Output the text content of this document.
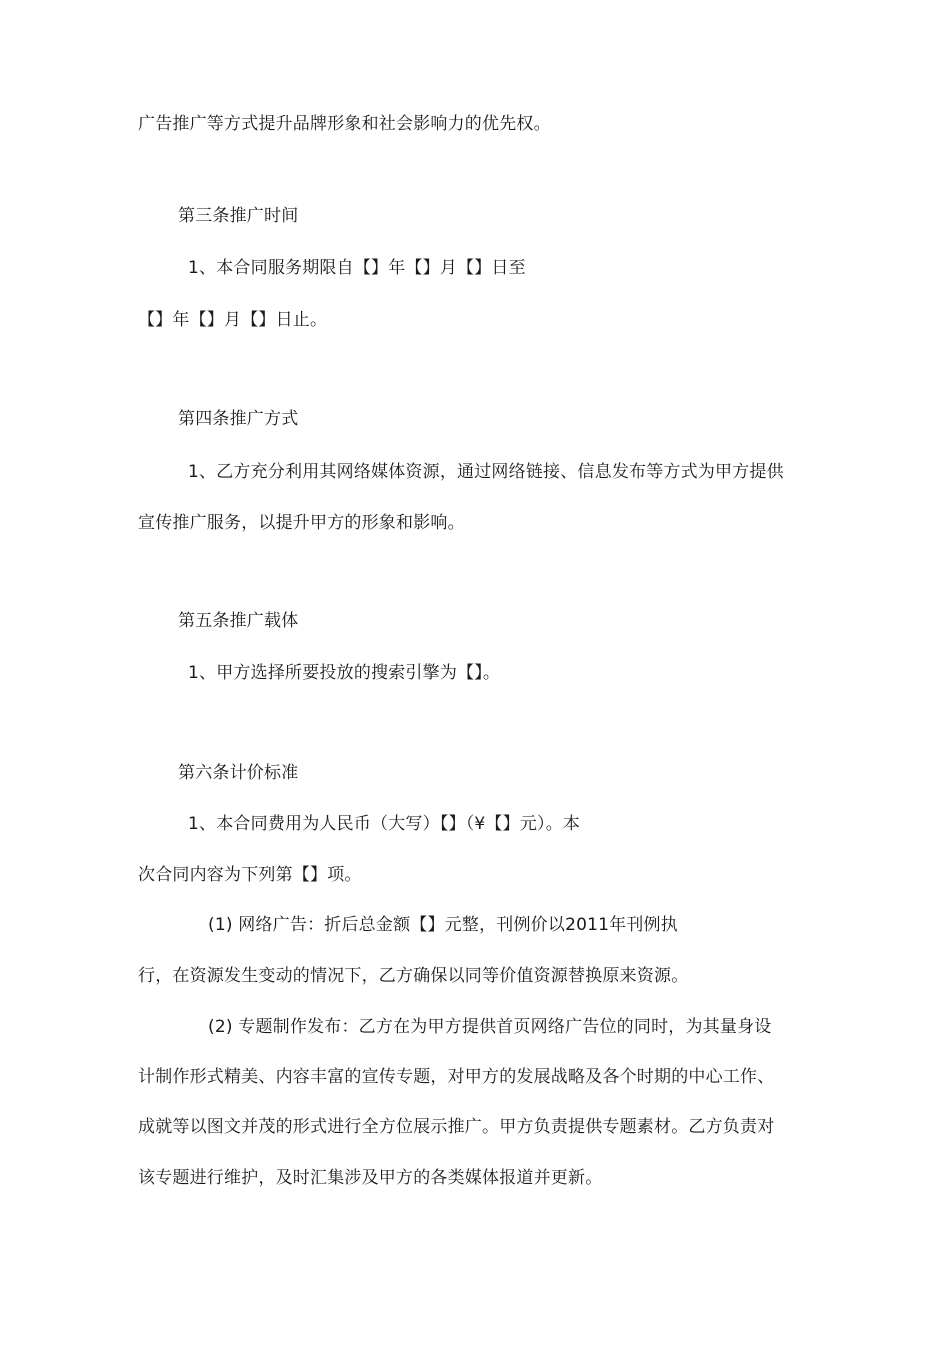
广告推广等方式提升品牌形象和社会影响力的优先权。
第三条推广时间
1、本合同服务期限自【】年【】月【】日至
【】年【】月【】日止。
第四条推广方式
1、乙方充分利用其网络媒体资源，通过网络链接、信息发布等方式为甲方提供
宣传推广服务，以提升甲方的形象和影响。
第五条推广载体
1、甲方选择所要投放的搜索引擎为【】。
第六条计价标准
1、本合同费用为人民币（大写）【】（¥【】元）。本
次合同内容为下列第【】项。
(1) 网络广告：折后总金额【】元整，刊例价以2011年刊例执
行，在资源发生变动的情况下，乙方确保以同等价值资源替换原来资源。
(2) 专题制作发布：乙方在为甲方提供首页网络广告位的同时，为其量身设
计制作形式精美、内容丰富的宣传专题，对甲方的发展战略及各个时期的中心工作、
成就等以图文并茂的形式进行全方位展示推广。甲方负责提供专题素材。乙方负责对
该专题进行维护，及时汇集涉及甲方的各类媒体报道并更新。
